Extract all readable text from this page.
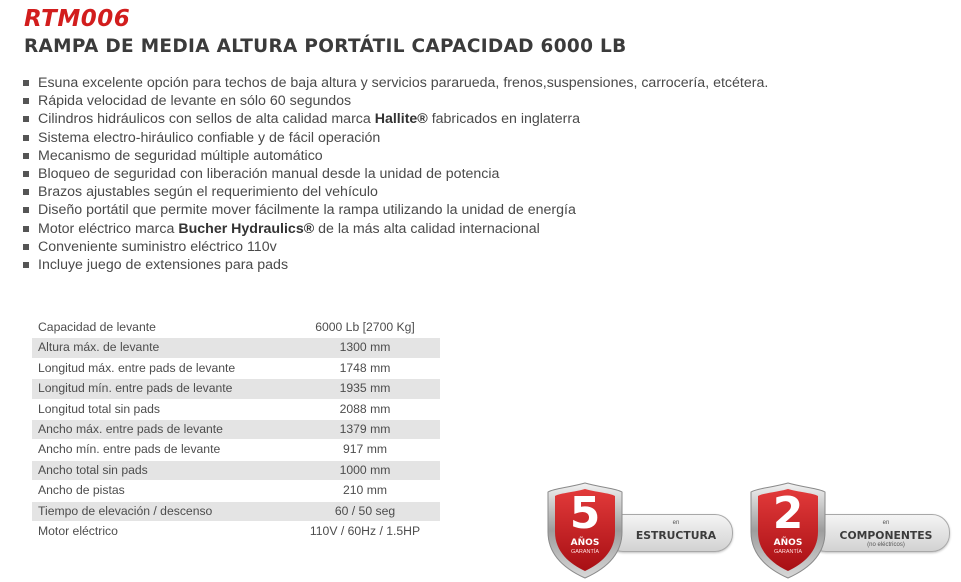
RTM006
RAMPA DE MEDIA ALTURA PORTÁTIL CAPACIDAD 6000 LB
Esuna excelente opción para techos de baja altura y servicios pararueda, frenos,suspensiones, carrocería, etcétera.
Rápida velocidad de levante en sólo 60 segundos
Cilindros hidráulicos con sellos de alta calidad marca Hallite® fabricados en inglaterra
Sistema electro-hiráulico confiable y de fácil operación
Mecanismo de seguridad múltiple automático
Bloqueo de seguridad con liberación manual desde la unidad de potencia
Brazos ajustables según el requerimiento del vehículo
Diseño portátil que permite mover fácilmente la rampa utilizando la unidad de energía
Motor eléctrico marca Bucher Hydraulics® de la más alta calidad internacional
Conveniente suministro eléctrico 110v
Incluye juego de extensiones para pads
Capacidad de levante	6000 Lb [2700 Kg]
Altura máx. de levante	1300 mm
Longitud máx. entre pads de levante	1748 mm
Longitud mín. entre pads de levante	1935 mm
Longitud total sin pads	2088 mm
Ancho máx. entre pads de levante	1379 mm
Ancho mín. entre pads de levante	917 mm
Ancho total sin pads	1000 mm
Ancho de pistas	210 mm
Tiempo de elevación / descenso	60 / 50 seg
Motor eléctrico	110V / 60Hz / 1.5HP
en
ESTRUCTURA
5
AÑOS
GARANTÍA
en
COMPONENTES
(no eléctricos)
2
AÑOS
GARANTÍA
